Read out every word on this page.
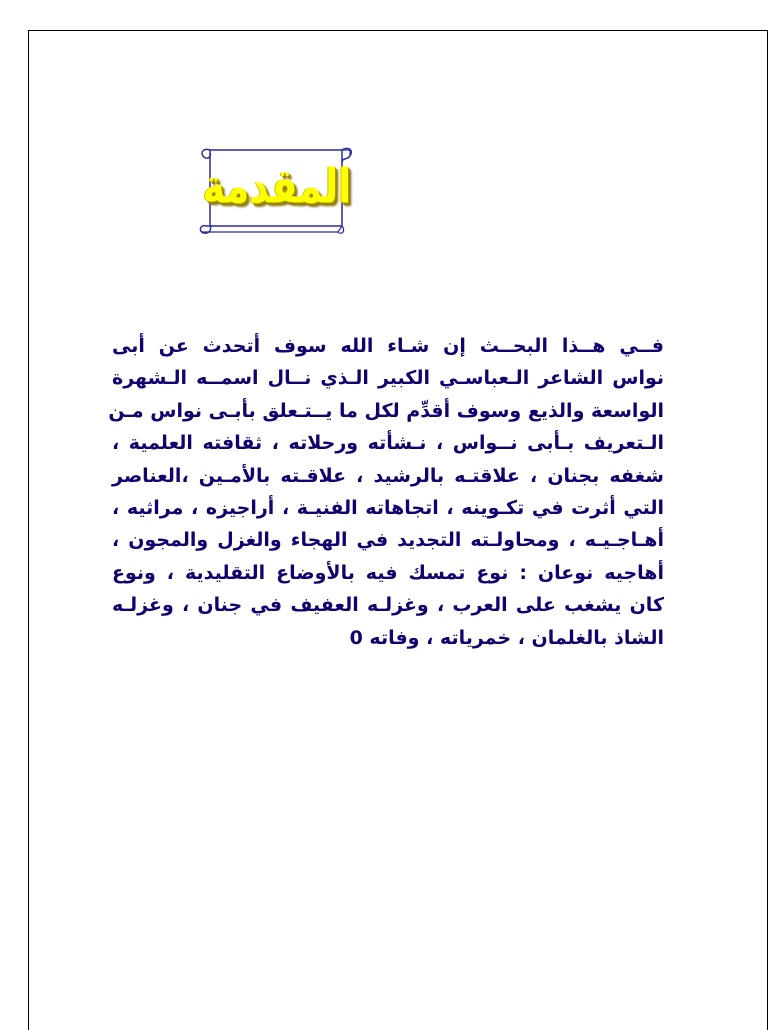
المقدمة
فــي هــذا البحــث إن شـاء الله سوف أتحدث عن أبى
نواس الشاعر الـعباسـي الكبير الـذي نــال اسمــه الـشهرة
الواسعة والذيع وسوف أقدِّم لكل ما يــتـعلق بأبـى نواس مـن
الـتعريف بـأبى نــواس ، نـشأته ورحلاته ، ثقافته العلمية ،
شغفه بجنان ، علاقتـه بالرشيد ، علاقـته بالأمـين ،العناصر
التي أثرت في تكـوينه ، اتجاهاته الفنيـة ، أراجيزه ، مراثيه ،
أهـاجـيـه ، ومحاولـته التجديد في الهجاء والغزل والمجون ،
أهاجيه نوعان : نوع تمسك فيه بالأوضاع التقليدية ، ونوع
كان يشغب على العرب ، وغزلـه العفيف في جنان ، وغزلـه
الشاذ بالغلمان ، خمرياته ، وفاته 0
